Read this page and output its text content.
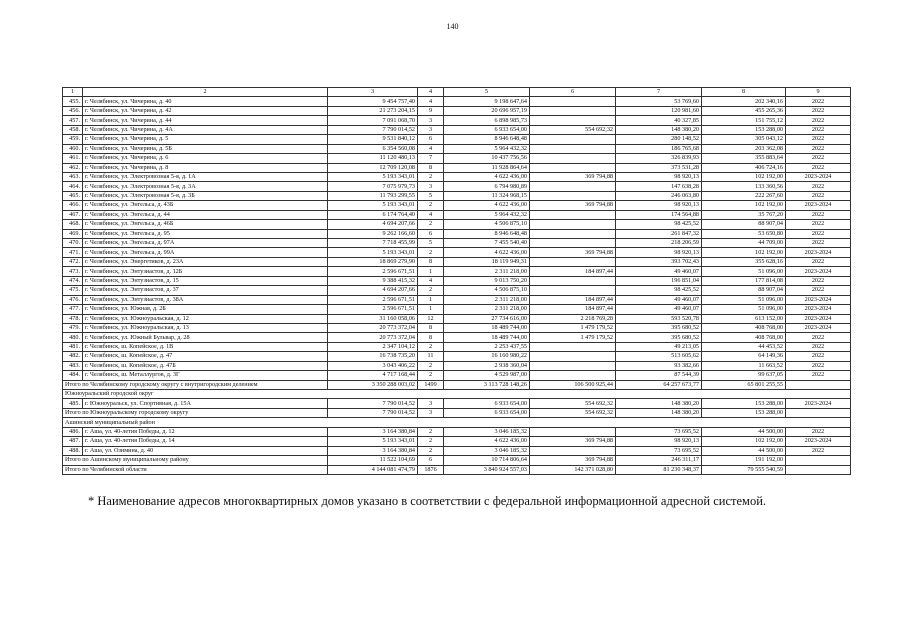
140
1	2	3	4	5	6	7	8	9
455.	г. Челябинск, ул. Чичерина, д. 40	9 454 757,40	4	9 198 647,64		53 769,60	202 340,16	2022
456.	г. Челябинск, ул. Чичерина, д. 42	21 273 204,15	9	20 696 957,19		120 981,60	455 265,36	2022
457.	г. Челябинск, ул. Чичерина, д. 44	7 091 068,70	3	6 898 985,73		40 327,85	151 755,12	2022
458.	г. Челябинск, ул. Чичерина, д. 4А	7 790 014,52	3	6 933 654,00	554 692,32	148 380,20	153 288,00	2022
459.	г. Челябинск, ул. Чичерина, д. 5	9 531 840,12	6	8 946 648,48		280 148,52	305 043,12	2022
460.	г. Челябинск, ул. Чичерина, д. 5Б	6 354 560,08	4	5 964 432,32		186 765,68	203 362,08	2022
461.	г. Челябинск, ул. Чичерина, д. 6	11 120 480,13	7	10 437 756,56		326 839,93	355 883,64	2022
462.	г. Челябинск, ул. Чичерина, д. 8	12 709 120,08	8	11 928 864,64		373 531,28	406 724,16	2022
463.	г. Челябинск, ул. Электровозная 5-я, д. 1А	5 193 343,01	2	4 622 436,00	369 794,88	98 920,13	102 192,00	2023-2024
464.	г. Челябинск, ул. Электровозная 5-я, д. 3А	7 075 979,73	3	6 794 980,89		147 638,28	133 360,56	2022
465.	г. Челябинск, ул. Электровозная 5-я, д. 3Б	11 793 299,55	5	11 324 968,15		246 063,80	222 267,60	2022
466.	г. Челябинск, ул. Энгельса, д. 43Б	5 193 343,01	2	4 622 436,00	369 794,88	98 920,13	102 192,00	2023-2024
467.	г. Челябинск, ул. Энгельса, д. 44	6 174 764,40	4	5 964 432,32		174 564,88	35 767,20	2022
468.	г. Челябинск, ул. Энгельса, д. 46Б	4 694 207,66	2	4 506 875,10		98 425,52	88 907,04	2022
469.	г. Челябинск, ул. Энгельса, д. 95	9 262 166,60	6	8 946 648,48		261 847,32	53 650,80	2022
470.	г. Челябинск, ул. Энгельса, д. 97А	7 718 455,99	5	7 455 540,40		218 206,59	44 709,00	2022
471.	г. Челябинск, ул. Энгельса, д. 99А	5 193 343,01	2	4 622 436,00	369 794,88	98 920,13	102 192,00	2023-2024
472.	г. Челябинск, ул. Энергетиков, д. 23А	18 869 279,90	8	18 119 949,31		393 702,43	355 628,16	2022
473.	г. Челябинск, ул. Энтузиастов, д. 12Б	2 596 671,51	1	2 311 218,00	184 897,44	49 460,07	51 096,00	2023-2024
474.	г. Челябинск, ул. Энтузиастов, д. 15	9 388 415,32	4	9 013 750,20		196 851,04	177 814,08	2022
475.	г. Челябинск, ул. Энтузиастов, д. 37	4 694 207,66	2	4 506 875,10		98 425,52	88 907,04	2022
476.	г. Челябинск, ул. Энтузиастов, д. 38А	2 596 671,51	1	2 311 218,00	184 897,44	49 460,07	51 096,00	2023-2024
477.	г. Челябинск, ул. Южная, д. 2Б	2 596 671,51	1	2 311 218,00	184 897,44	49 460,07	51 096,00	2023-2024
478.	г. Челябинск, ул. Южноуральская, д. 12	31 160 058,06	12	27 734 616,00	2 218 769,28	593 520,78	613 152,00	2023-2024
479.	г. Челябинск, ул. Южноуральская, д. 13	20 773 372,04	8	18 489 744,00	1 479 179,52	395 680,52	408 768,00	2023-2024
480.	г. Челябинск, ул. Южный Бульвар, д. 28	20 773 372,04	8	18 489 744,00	1 479 179,52	395 680,52	408 768,00	2022
481.	г. Челябинск, ш. Копейское, д. 1В	2 347 104,12	2	2 253 437,55		49 213,05	44 453,52	2022
482.	г. Челябинск, ш. Копейское, д. 47	16 738 735,20	11	16 160 980,22		513 605,62	64 149,36	2022
483.	г. Челябинск, ш. Копейское, д. 47Б	3 043 406,22	2	2 938 360,04		93 382,66	11 663,52	2022
484.	г. Челябинск, ш. Металлургов, д. 3Г	4 717 168,44	2	4 529 987,00		87 544,39	99 637,05	2022
Итого по Челябинскому городскому округу с внутригородским делением		3 350 288 003,02	1499	3 113 728 148,26	106 500 925,44	64 257 673,77	65 801 255,55	
Южноуральский городской округ								
485.	г. Южноуральск, ул. Спортивная, д. 15А	7 790 014,52	3	6 933 654,00	554 692,32	148 380,20	153 288,00	2023-2024
Итого по Южноуральскому городскому округу		7 790 014,52	3	6 933 654,00	554 692,32	148 380,20	153 288,00	
Ашинский муниципальный район								
486.	г. Аша, ул. 40-летия Победы, д. 12	3 164 380,84	2	3 046 185,32		73 695,52	44 500,00	2022
487.	г. Аша, ул. 40-летия Победы, д. 14	5 193 343,01	2	4 622 436,00	369 794,88	98 920,13	102 192,00	2023-2024
488.	г. Аша, ул. Озимина, д. 40	3 164 380,84	2	3 046 185,32		73 695,52	44 500,00	2022
Итого по Ашинскому муниципальному району		11 522 104,69	6	10 714 806,64	369 794,88	246 311,17	191 192,00	
Итого по Челябинской области		4 144 081 474,79	1876	3 840 924 557,03	142 371 028,80	81 230 348,37	79 555 540,59	
* Наименование адресов многоквартирных домов указано в соответствии с федеральной информационной адресной системой.
